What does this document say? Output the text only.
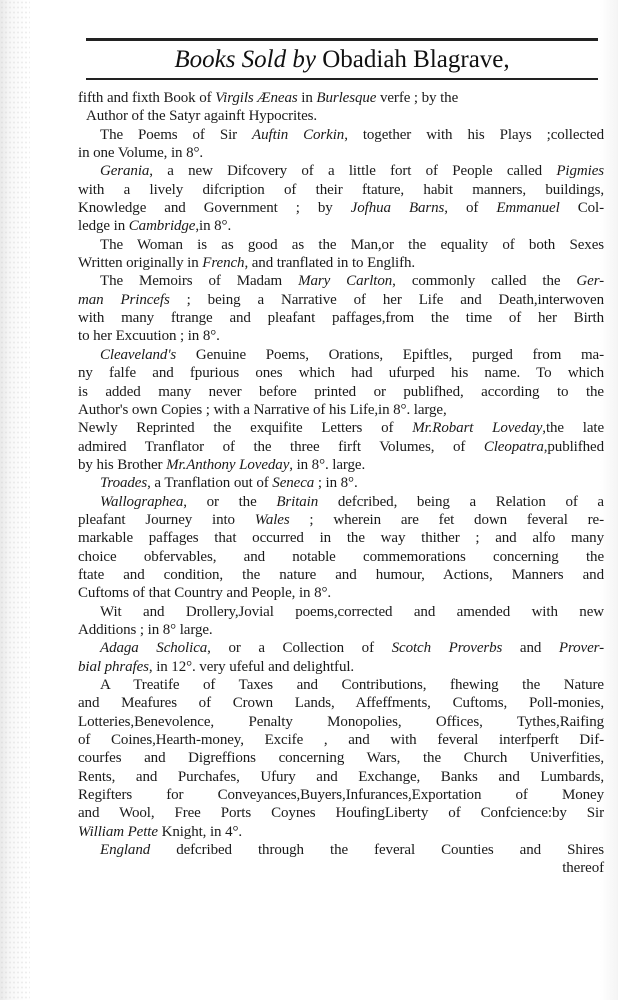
Books Sold by Obadiah Blagrave,
fifth and fixth Book of Virgils Æneas in Burlesque verfe ; by the
Author of the Satyr againft Hypocrites.
The Poems of Sir Auftin Corkin, together with his Plays ;collected
in one Volume, in 8°.
Gerania, a new Difcovery of a little fort of People called Pigmies
with a lively difcription of their ftature, habit manners, buildings,
Knowledge and Government ; by Jofhua Barns, of Emmanuel Col-
ledge in Cambridge,in 8°.
The Woman is as good as the Man,or the equality of both Sexes
Written originally in French, and tranflated in to Englifh.
The Memoirs of Madam Mary Carlton, commonly called the Ger-
man Princefs ; being a Narrative of her Life and Death,interwoven
with many ftrange and pleafant paffages,from the time of her Birth
to her Excuution ; in 8°.
Cleaveland's Genuine Poems, Orations, Epiftles, purged from ma-
ny falfe and fpurious ones which had ufurped his name. To which
is added many never before printed or publifhed, according to the
Author's own Copies ; with a Narrative of his Life,in 8°. large,
Newly Reprinted the exquifite Letters of Mr.Robart Loveday,the late
admired Tranflator of the three firft Volumes, of Cleopatra,publifhed
by his Brother Mr.Anthony Loveday, in 8°. large.
Troades, a Tranflation out of Seneca ; in 8°.
Wallographea, or the Britain defcribed, being a Relation of a
pleafant Journey into Wales ; wherein are fet down feveral re-
markable paffages that occurred in the way thither ; and alfo many
choice obfervables, and notable commemorations concerning the
ftate and condition, the nature and humour, Actions, Manners and
Cuftoms of that Country and People, in 8°.
Wit and Drollery,Jovial poems,corrected and amended with new
Additions ; in 8° large.
Adaga Scholica, or a Collection of Scotch Proverbs and Prover-
bial phrafes, in 12°. very ufeful and delightful.
A Treatife of Taxes and Contributions, fhewing the Nature
and Meafures of Crown Lands, Affeffments, Cuftoms, Poll-monies,
Lotteries,Benevolence, Penalty Monopolies, Offices, Tythes,Raifing
of Coines,Hearth-money, Excife , and with feveral interfperft Dif-
courfes and Digreffions concerning Wars, the Church Univerfities,
Rents, and Purchafes, Ufury and Exchange, Banks and Lumbards,
Regifters for Conveyances,Buyers,Infurances,Exportation of Money
and Wool, Free Ports Coynes HoufingLiberty of Confcience:by Sir
William Pette Knight, in 4°.
England defcribed through the feveral Counties and Shires
thereof
